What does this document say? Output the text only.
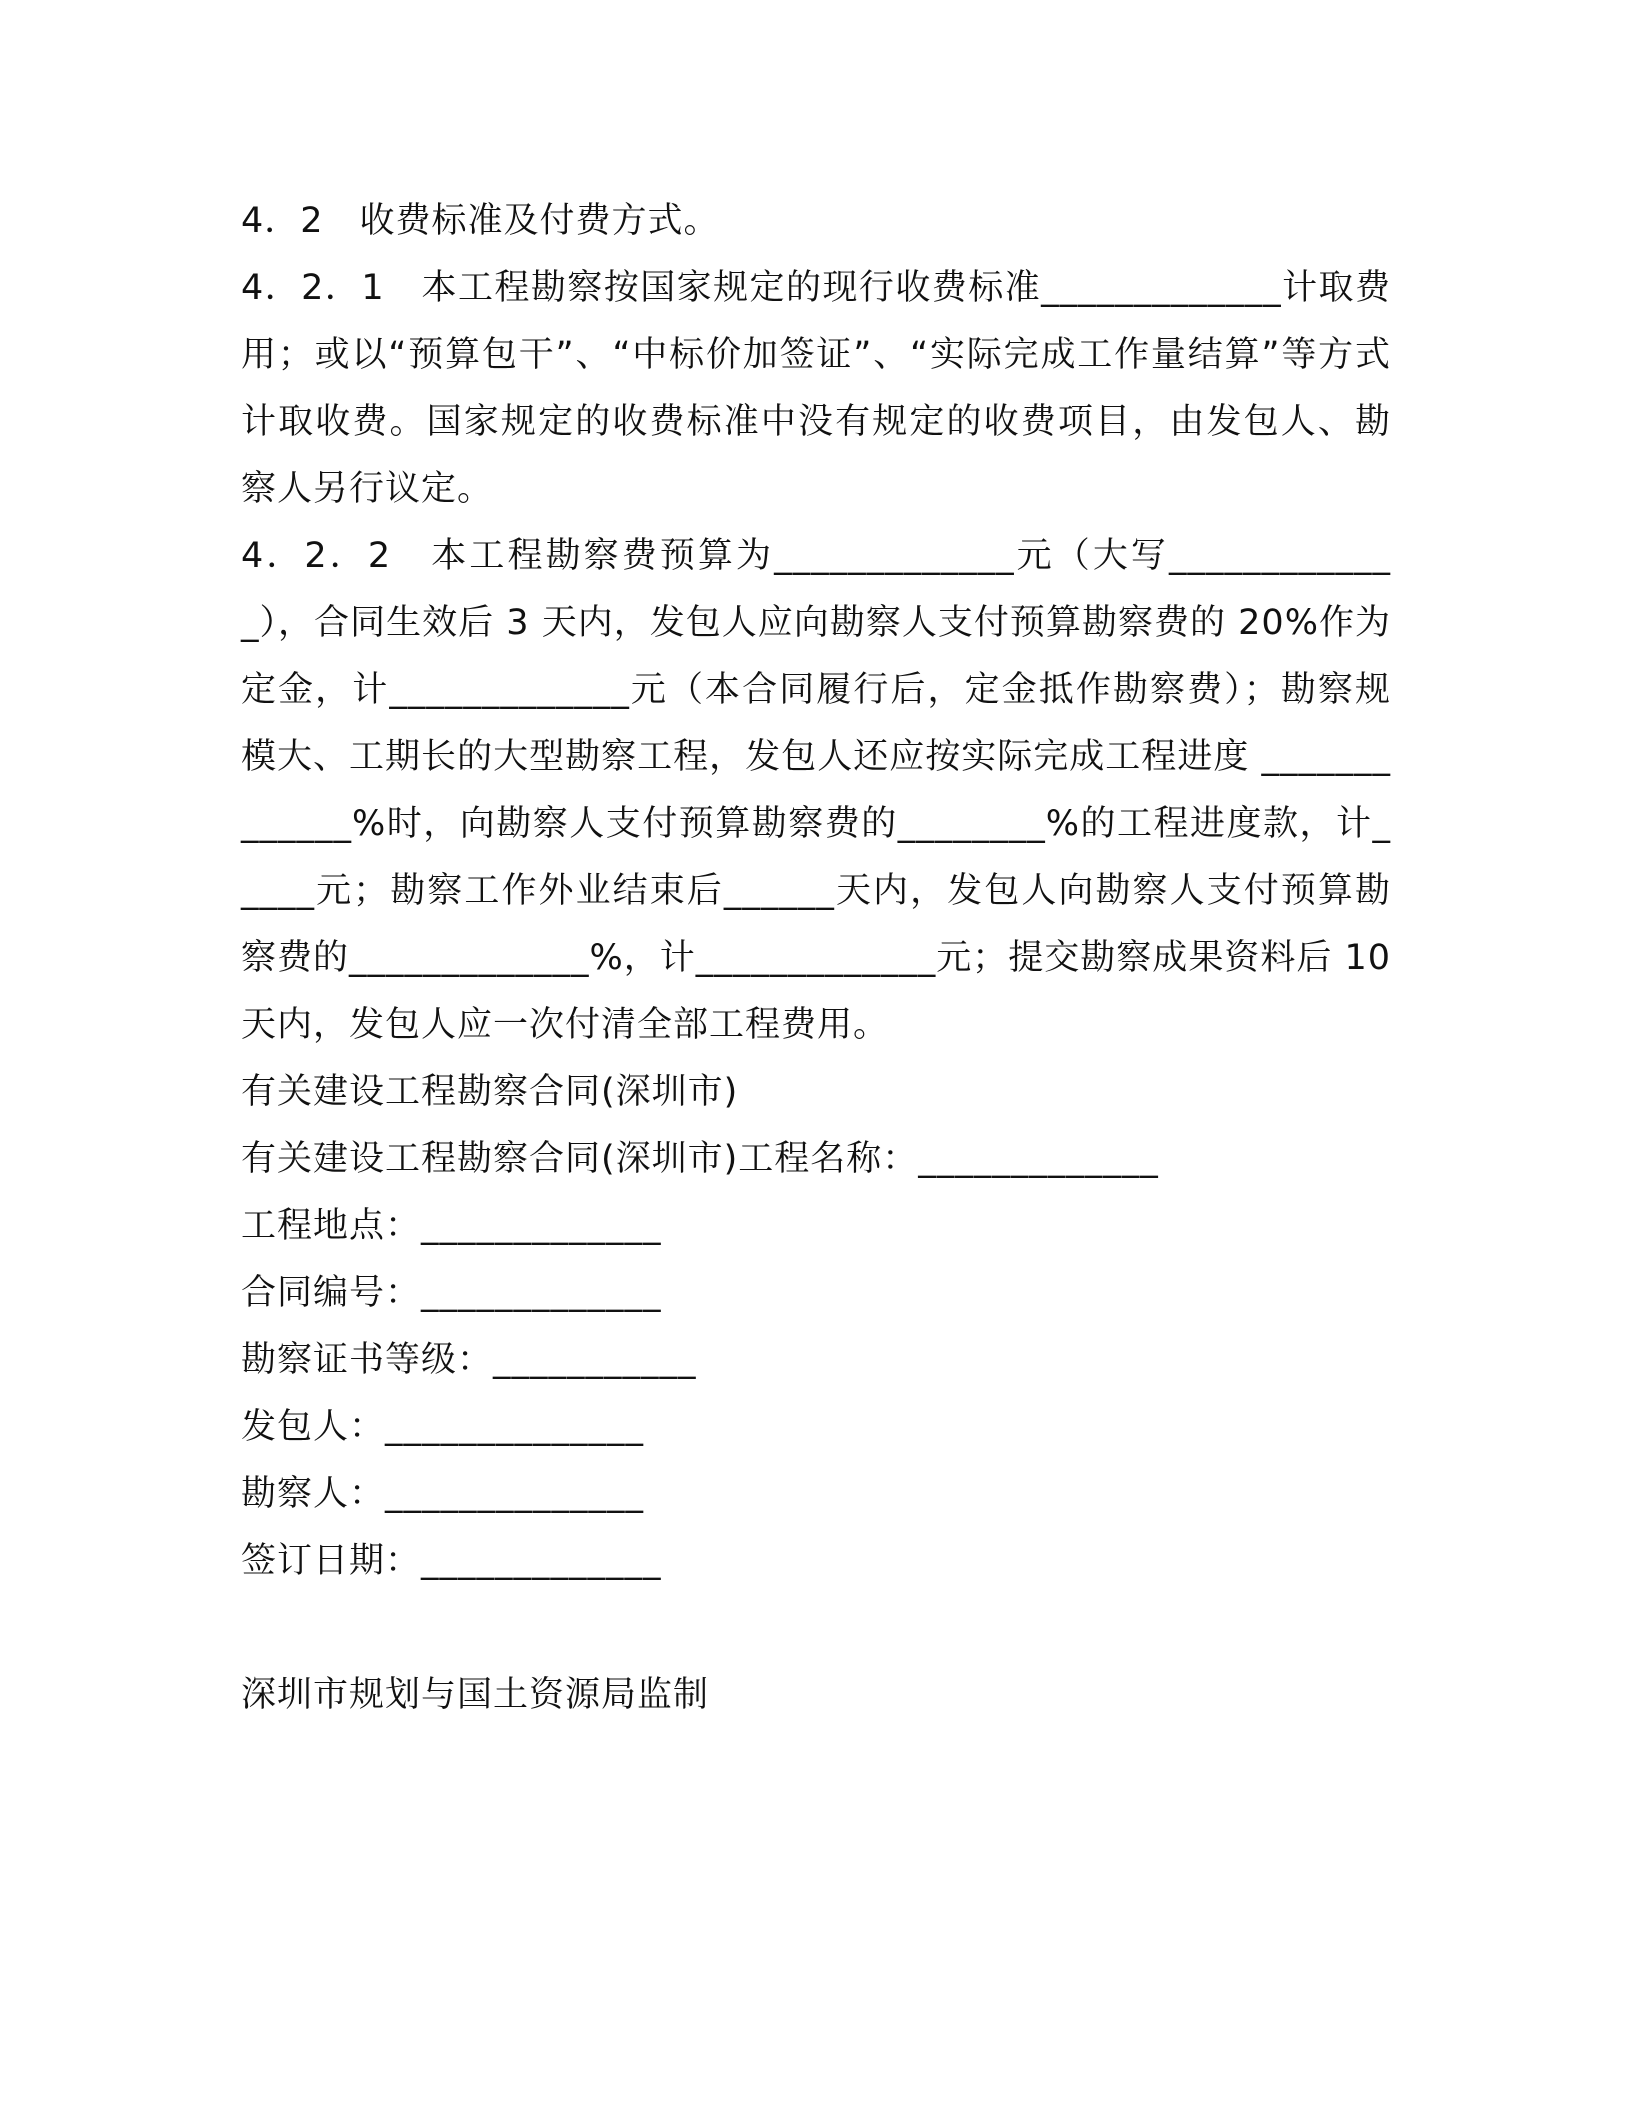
4．2　收费标准及付费方式。

4．2．1　本工程勘察按国家规定的现行收费标准_____________计取费用；或以“预算包干”、“中标价加签证”、“实际完成工作量结算”等方式计取收费。国家规定的收费标准中没有规定的收费项目，由发包人、勘察人另行议定。

4．2．2　本工程勘察费预算为_____________元（大写_____________），合同生效后 3 天内，发包人应向勘察人支付预算勘察费的 20%作为定金，计_____________元（本合同履行后，定金抵作勘察费）；勘察规模大、工期长的大型勘察工程，发包人还应按实际完成工程进度 _____________%时，向勘察人支付预算勘察费的________%的工程进度款，计_____元；勘察工作外业结束后______天内，发包人向勘察人支付预算勘察费的_____________%，计_____________元；提交勘察成果资料后 10 天内，发包人应一次付清全部工程费用。

有关建设工程勘察合同(深圳市)

有关建设工程勘察合同(深圳市)工程名称：_____________

工程地点：_____________

合同编号：_____________

勘察证书等级：___________

发包人：______________

勘察人：______________

签订日期：_____________

深圳市规划与国土资源局监制
